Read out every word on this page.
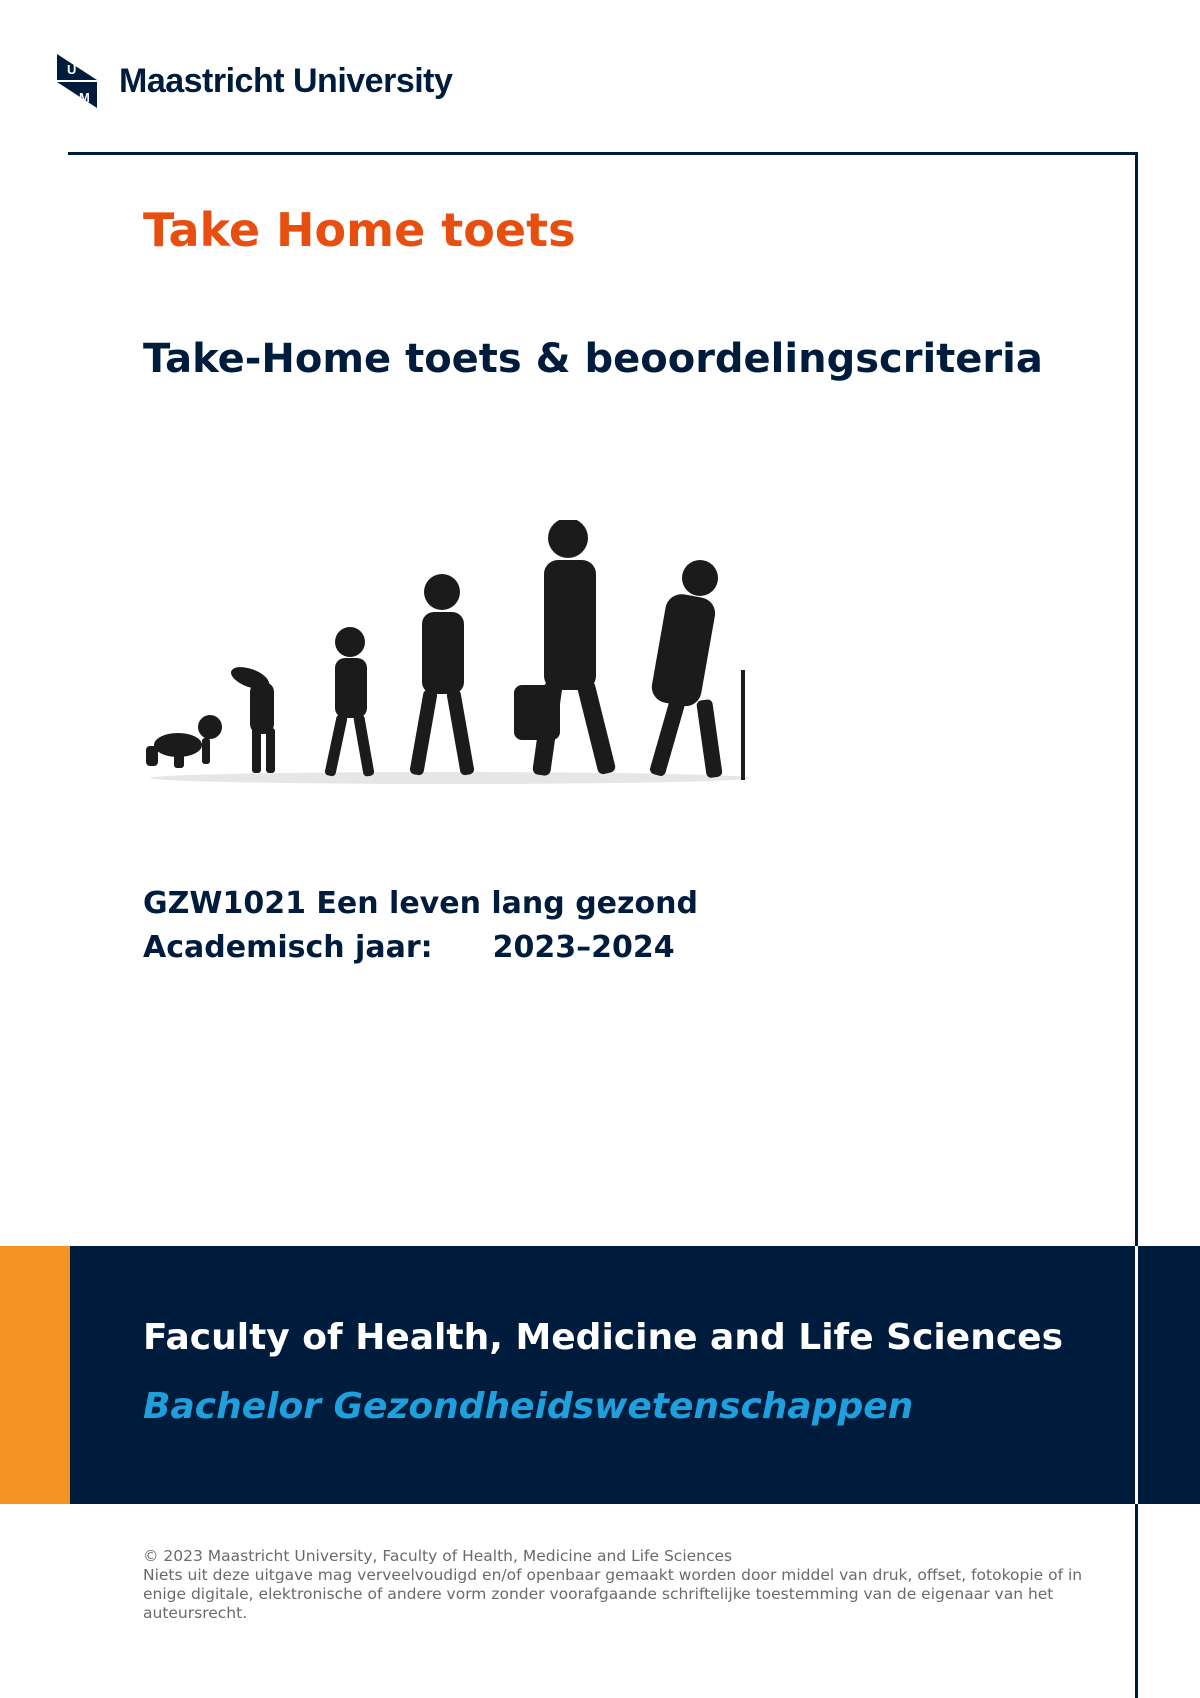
U
M Maastricht University
Take Home toets
Take-Home toets & beoordelingscriteria
GZW1021 Een leven lang gezond
Academisch jaar: 2023–2024
Faculty of Health, Medicine and Life Sciences
Bachelor Gezondheidswetenschappen

© 2023 Maastricht University, Faculty of Health, Medicine and Life Sciences

Niets uit deze uitgave mag verveelvoudigd en/of openbaar gemaakt worden door middel van druk, offset, fotokopie of in enige digitale, elektronische of andere vorm zonder voorafgaande schriftelijke toestemming van de eigenaar van het auteursrecht.
